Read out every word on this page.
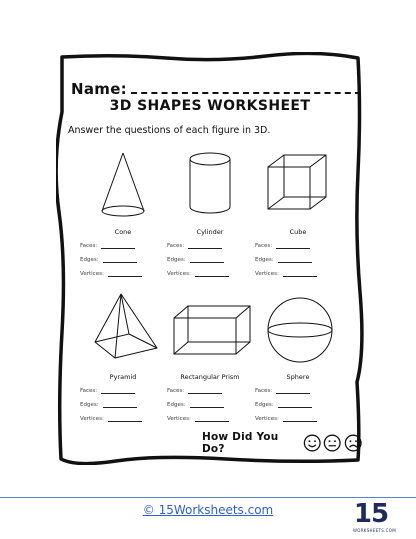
Name:
3D SHAPES WORKSHEET
Answer the questions of each figure in 3D.
Cone
Faces:
Edges:
Vertices:
Cylinder
Faces:
Edges:
Vertices:
Cube
Faces:
Edges:
Vertices:
Pyramid
Faces:
Edges:
Vertices:
Rectangular Prism
Faces:
Edges:
Vertices:
Sphere
Faces:
Edges:
Vertices:
How Did You Do?
© 15Worksheets.com	15
WORKSHEETS.COM
